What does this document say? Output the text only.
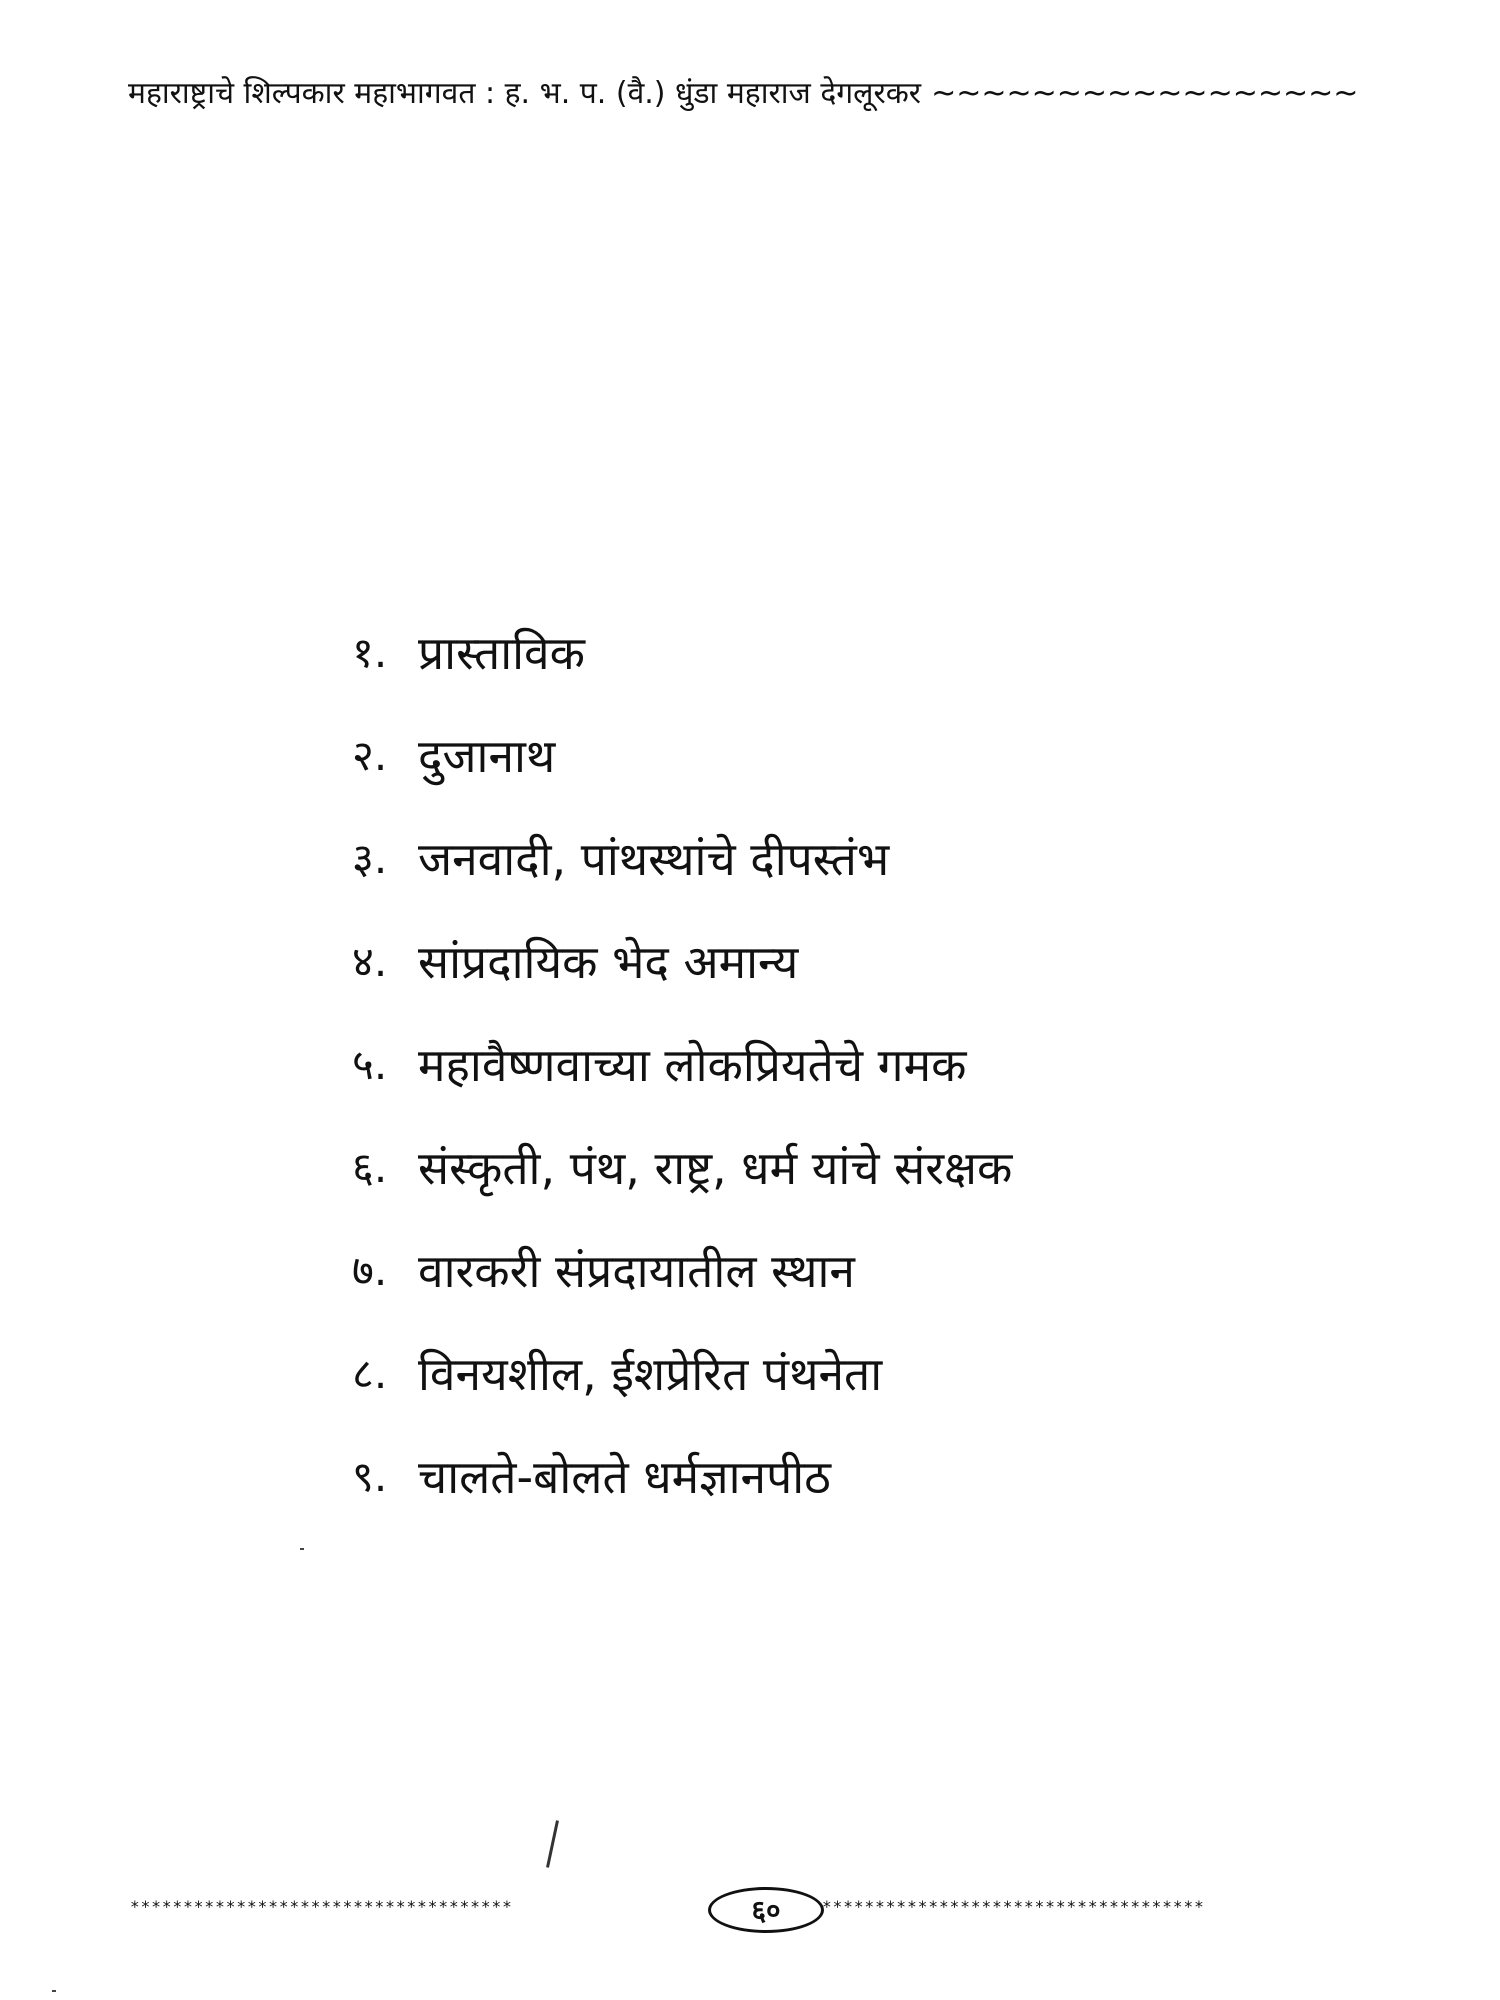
महाराष्ट्राचे शिल्पकार महाभागवत : ह. भ. प. (वै.) धुंडा महाराज देगलूरकर ~~~~~~~~~~~~~~~~~
१. प्रास्ताविक
२. दुजानाथ
३. जनवादी, पांथस्थांचे दीपस्तंभ
४. सांप्रदायिक भेद अमान्य
५. महावैष्णवाच्या लोकप्रियतेचे गमक
६. संस्कृती, पंथ, राष्ट्र, धर्म यांचे संरक्षक
७. वारकरी संप्रदायातील स्थान
८. विनयशील, ईशप्रेरित पंथनेता
९. चालते-बोलते धर्मज्ञानपीठ
************************************	६०	************************************
